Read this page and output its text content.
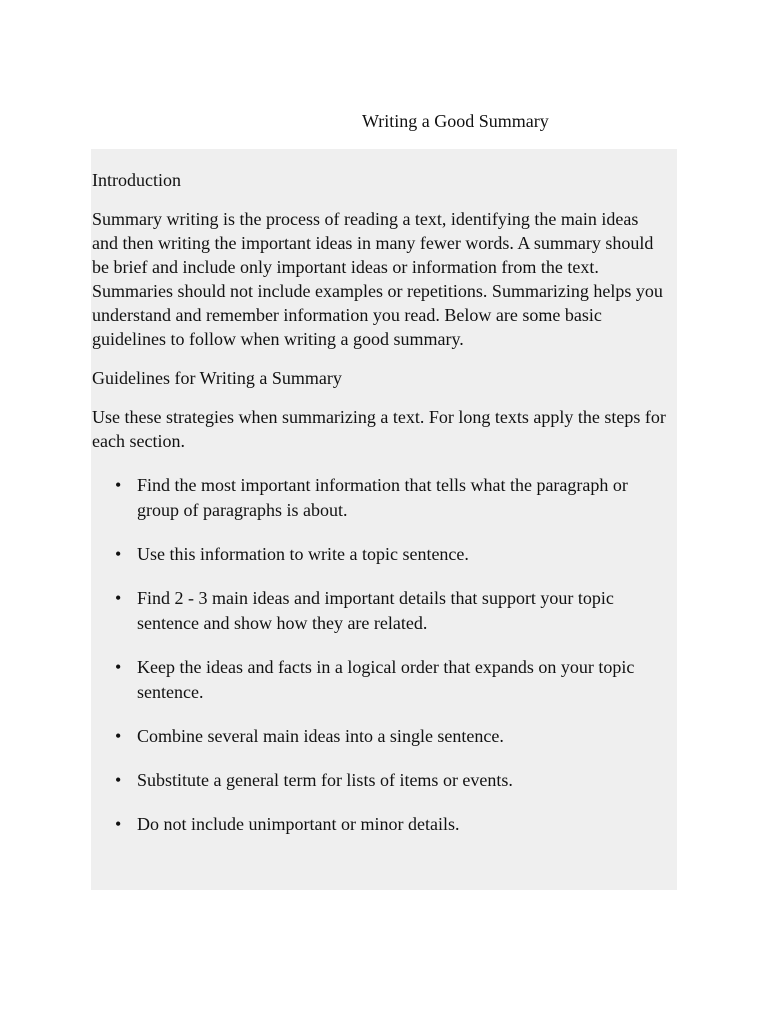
Writing a Good Summary
Introduction
Summary writing is the process of reading a text, identifying the main ideas and then writing the important ideas in many fewer words. A summary should be brief and include only important ideas or information from the text. Summaries should not include examples or repetitions. Summarizing helps you understand and remember information you read. Below are some basic guidelines to follow when writing a good summary.
Guidelines for Writing a Summary
Use these strategies when summarizing a text. For long texts apply the steps for each section.
• Find the most important information that tells what the paragraph or group of paragraphs is about.
• Use this information to write a topic sentence.
• Find 2 - 3 main ideas and important details that support your topic sentence and show how they are related.
• Keep the ideas and facts in a logical order that expands on your topic sentence.
• Combine several main ideas into a single sentence.
• Substitute a general term for lists of items or events.
• Do not include unimportant or minor details.
